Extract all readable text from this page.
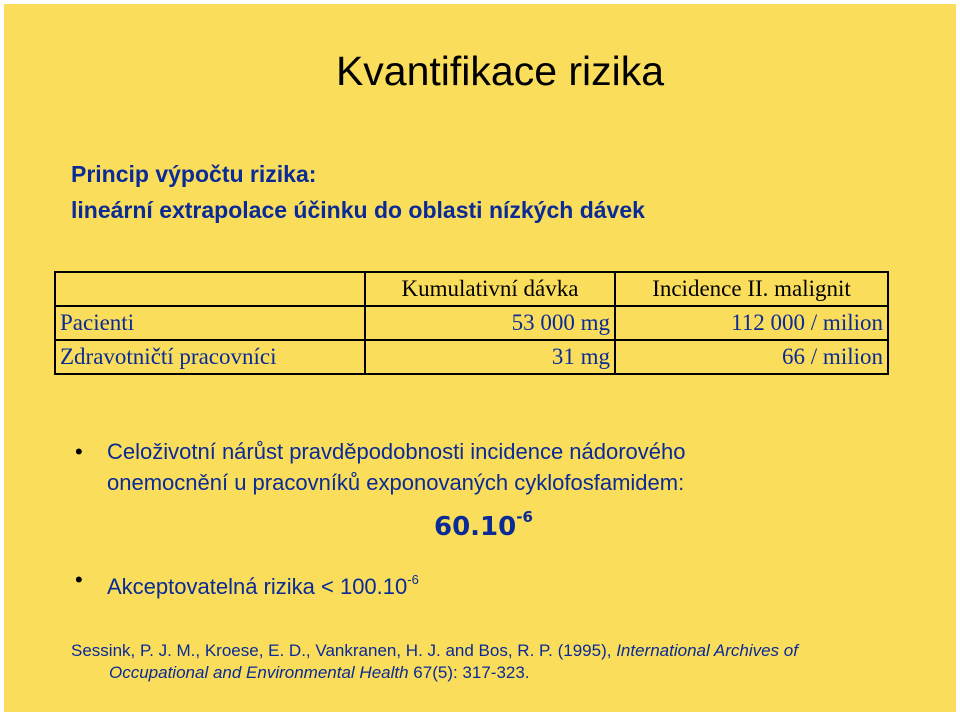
Kvantifikace rizika
Princip výpočtu rizika:
lineární extrapolace účinku do oblasti nízkých dávek
	Kumulativní dávka	Incidence II. malignit
Pacienti	53 000 mg	112 000 / milion
Zdravotničtí pracovníci	31 mg	66 / milion
• Celoživotní nárůst pravděpodobnosti incidence nádorového
onemocnění u pracovníků exponovaných cyklofosfamidem:
$60.10^{-6}$
• Akceptovatelná rizika < $100.10^{-6}$
Sessink, P. J. M., Kroese, E. D., Vankranen, H. J. and Bos, R. P. (1995), International Archives of
Occupational and Environmental Health 67(5): 317-323.
